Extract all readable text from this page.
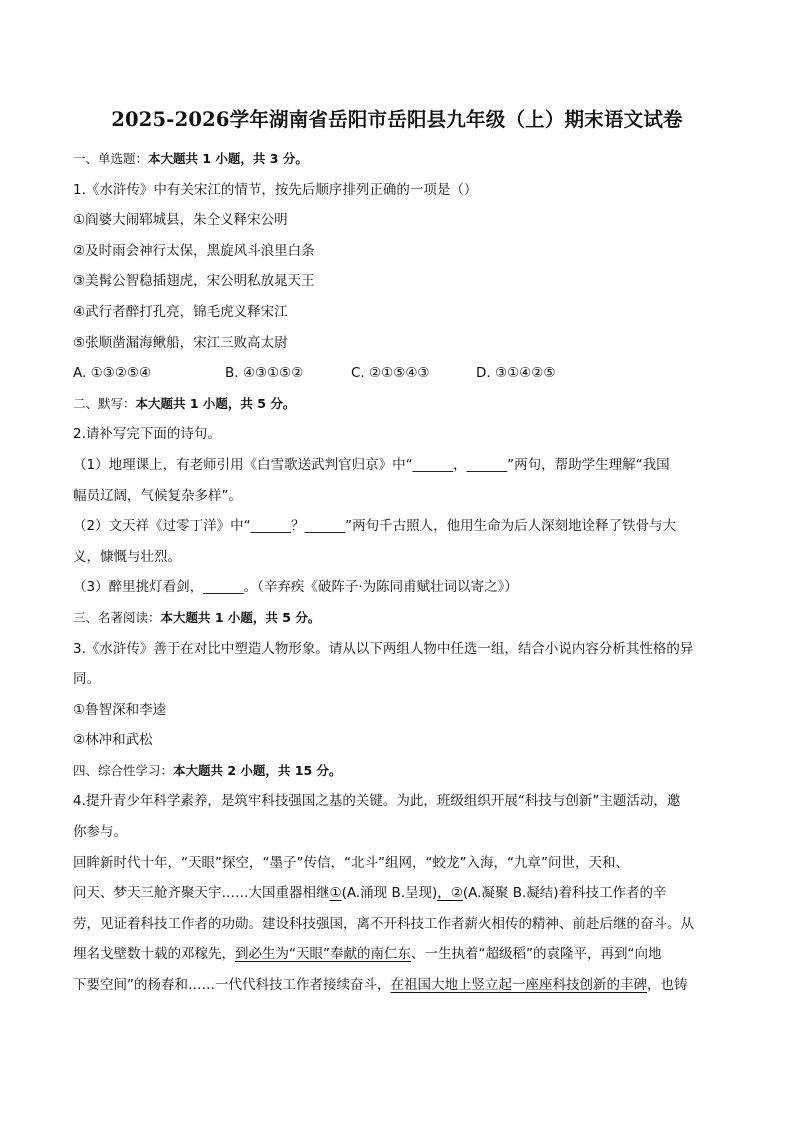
2025-2026学年湖南省岳阳市岳阳县九年级（上）期末语文试卷
一、单选题：本大题共 1 小题，共 3 分。
1.《水浒传》中有关宋江的情节，按先后顺序排列正确的一项是（）
①阎婆大闹郓城县，朱仝义释宋公明
②及时雨会神行太保，黑旋风斗浪里白条
③美髯公智稳插翅虎，宋公明私放晁天王
④武行者醉打孔亮，锦毛虎义释宋江
⑤张顺凿漏海鳅船，宋江三败高太尉
A. ①③②⑤④	B. ④③①⑤②	C. ②①⑤④③	D. ③①④②⑤
二、默写：本大题共 1 小题，共 5 分。
2.请补写完下面的诗句。
（1）地理课上，有老师引用《白雪歌送武判官归京》中“______，______”两句，帮助学生理解“我国
幅员辽阔，气候复杂多样”。
（2）文天祥《过零丁洋》中“______？______”两句千古照人，他用生命为后人深刻地诠释了铁骨与大
义，慷慨与壮烈。
（3）醉里挑灯看剑，______。（辛弃疾《破阵子·为陈同甫赋壮词以寄之》）
三、名著阅读：本大题共 1 小题，共 5 分。
3.《水浒传》善于在对比中塑造人物形象。请从以下两组人物中任选一组，结合小说内容分析其性格的异
同。
①鲁智深和李逵
②林冲和武松
四、综合性学习：本大题共 2 小题，共 15 分。
4.提升青少年科学素养，是筑牢科技强国之基的关键。为此，班级组织开展“科技与创新”主题活动，邀
你参与。
回眸新时代十年，“天眼”探空，“墨子”传信，“北斗”组网，“蛟龙”入海，“九章”问世，天和、
问天、梦天三舱齐聚天宇……大国重器相继①(A.涌现 B.呈现)，②(A.凝聚 B.凝结)着科技工作者的辛
劳，见证着科技工作者的功勋。建设科技强国，离不开科技工作者薪火相传的精神、前赴后继的奋斗。从
埋名戈壁数十载的邓稼先，到必生为“天眼”奉献的南仁东、一生执着“超级稻”的袁隆平，再到“向地
下要空间”的杨春和……一代代科技工作者接续奋斗，在祖国大地上竖立起一座座科技创新的丰碑，也铸
